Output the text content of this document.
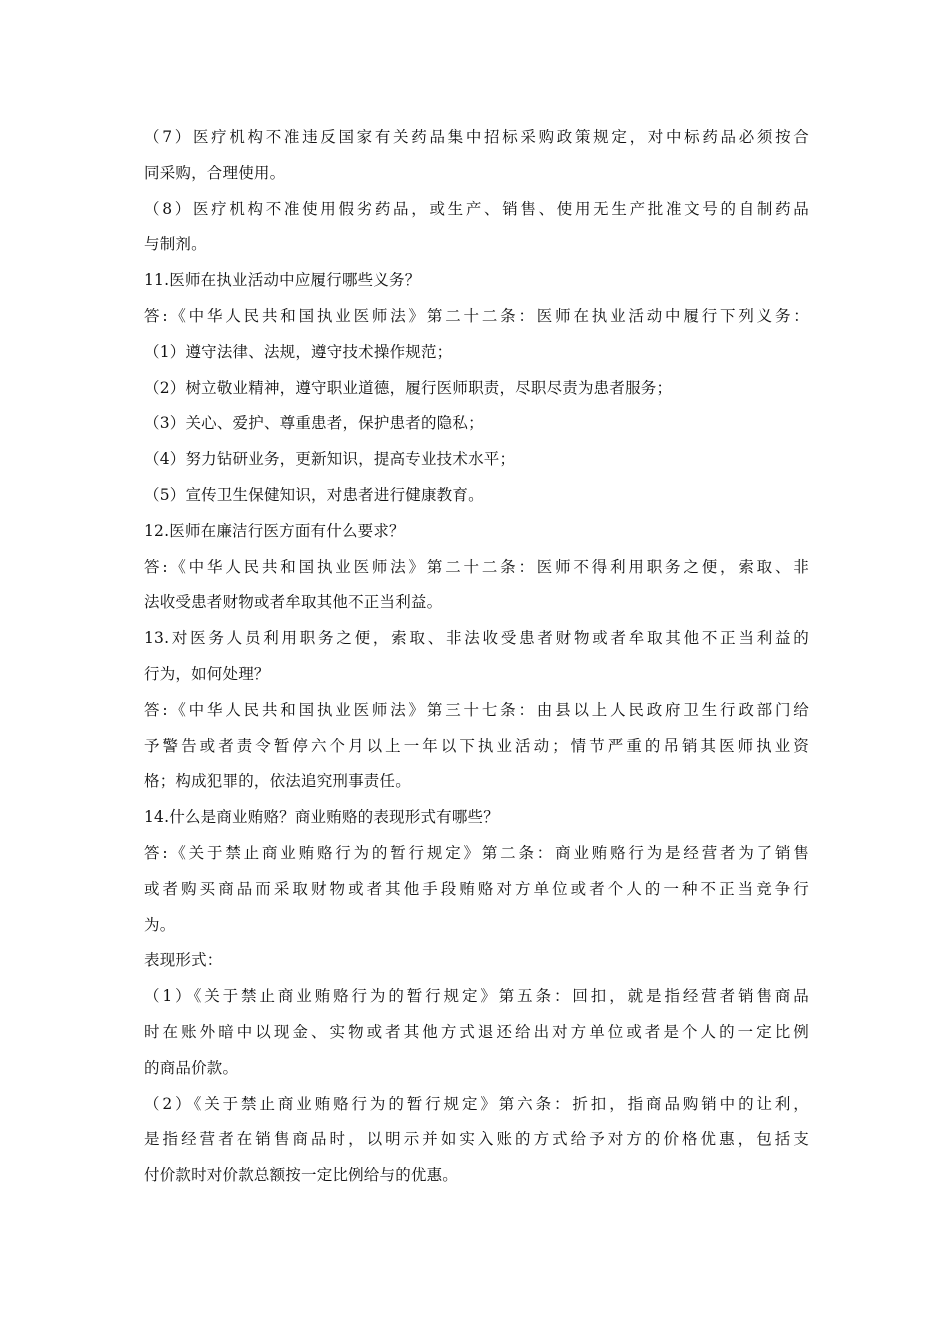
（7）医疗机构不准违反国家有关药品集中招标采购政策规定，对中标药品必须按合
同采购，合理使用。
（8）医疗机构不准使用假劣药品，或生产、销售、使用无生产批准文号的自制药品
与制剂。
11.医师在执业活动中应履行哪些义务？
答:《中华人民共和国执业医师法》第二十二条：医师在执业活动中履行下列义务：
（1）遵守法律、法规，遵守技术操作规范；
（2）树立敬业精神，遵守职业道德，履行医师职责，尽职尽责为患者服务；
（3）关心、爱护、尊重患者，保护患者的隐私；
（4）努力钻研业务，更新知识，提高专业技术水平；
（5）宣传卫生保健知识，对患者进行健康教育。
12.医师在廉洁行医方面有什么要求？
答:《中华人民共和国执业医师法》第二十二条：医师不得利用职务之便，索取、非
法收受患者财物或者牟取其他不正当利益。
13.对医务人员利用职务之便，索取、非法收受患者财物或者牟取其他不正当利益的
行为，如何处理？
答:《中华人民共和国执业医师法》第三十七条：由县以上人民政府卫生行政部门给
予警告或者责令暂停六个月以上一年以下执业活动；情节严重的吊销其医师执业资
格；构成犯罪的，依法追究刑事责任。
14.什么是商业贿赂？商业贿赂的表现形式有哪些？
答:《关于禁止商业贿赂行为的暂行规定》第二条：商业贿赂行为是经营者为了销售
或者购买商品而采取财物或者其他手段贿赂对方单位或者个人的一种不正当竞争行
为。
表现形式：
（1）《关于禁止商业贿赂行为的暂行规定》第五条：回扣，就是指经营者销售商品
时在账外暗中以现金、实物或者其他方式退还给出对方单位或者是个人的一定比例
的商品价款。
（2）《关于禁止商业贿赂行为的暂行规定》第六条：折扣，指商品购销中的让利，
是指经营者在销售商品时，以明示并如实入账的方式给予对方的价格优惠，包括支
付价款时对价款总额按一定比例给与的优惠。
